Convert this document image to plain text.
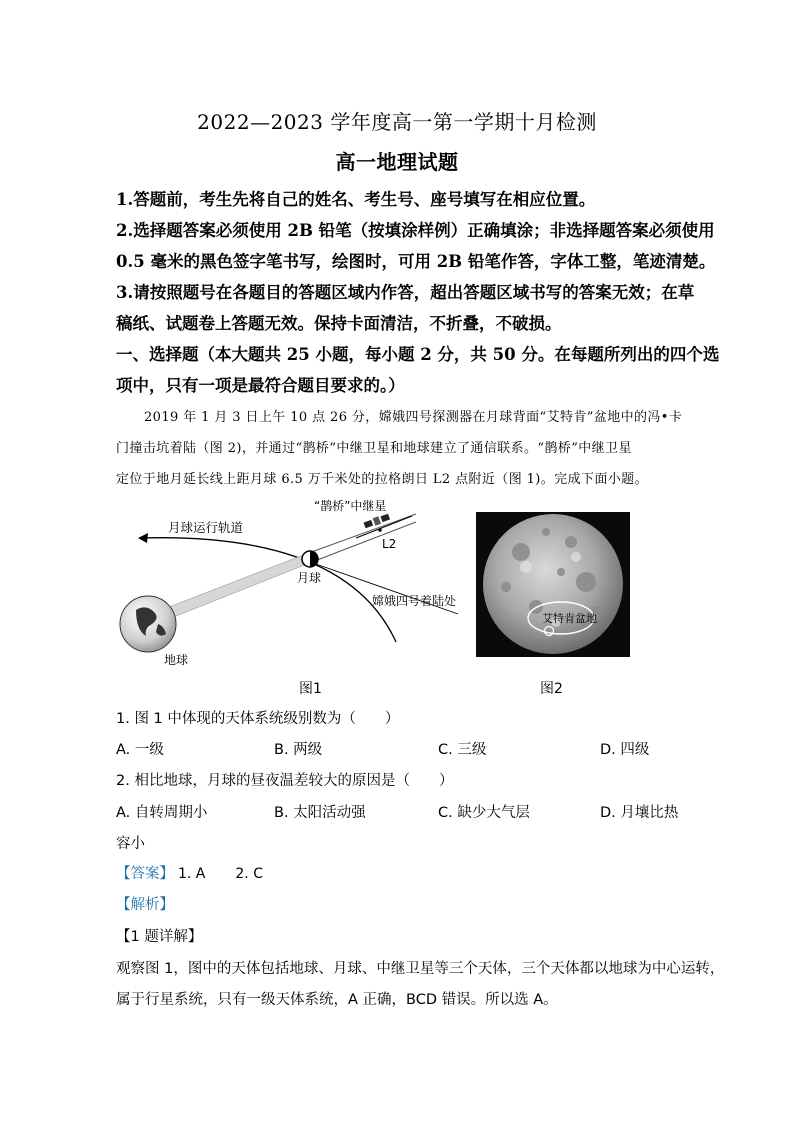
2022—2023 学年度高一第一学期十月检测
高一地理试题
1.答题前，考生先将自己的姓名、考生号、座号填写在相应位置。
2.选择题答案必须使用 2B 铅笔（按填涂样例）正确填涂；非选择题答案必须使用
0.5 毫米的黑色签字笔书写，绘图时，可用 2B 铅笔作答，字体工整，笔迹清楚。
3.请按照题号在各题目的答题区域内作答，超出答题区域书写的答案无效；在草
稿纸、试题卷上答题无效。保持卡面清洁，不折叠，不破损。
一、选择题（本大题共 25 小题，每小题 2 分，共 50 分。在每题所列出的四个选
项中，只有一项是最符合题目要求的。）
2019 年 1 月 3 日上午 10 点 26 分，嫦娥四号探测器在月球背面“艾特肯”盆地中的冯•卡
门撞击坑着陆（图 2)，并通过“鹊桥”中继卫星和地球建立了通信联系。“鹊桥”中继卫星
定位于地月延长线上距月球 6.5 万千米处的拉格朗日 L2 点附近（图 1)。完成下面小题。
月球运行轨道
“鹊桥”中继星
L2
月球
嫦娥四号着陆处
地球
艾特肯盆地
图1	图2
1. 图 1 中体现的天体系统级别数为（　　）
A. 一级	B. 两级	C. 三级	D. 四级
2. 相比地球，月球的昼夜温差较大的原因是（　　）
A. 自转周期小	B. 太阳活动强	C. 缺少大气层	D. 月壤比热
容小
【答案】 1. A 2. C
【解析】
【1 题详解】
观察图 1，图中的天体包括地球、月球、中继卫星等三个天体，三个天体都以地球为中心运转，
属于行星系统，只有一级天体系统，A 正确，BCD 错误。所以选 A。
